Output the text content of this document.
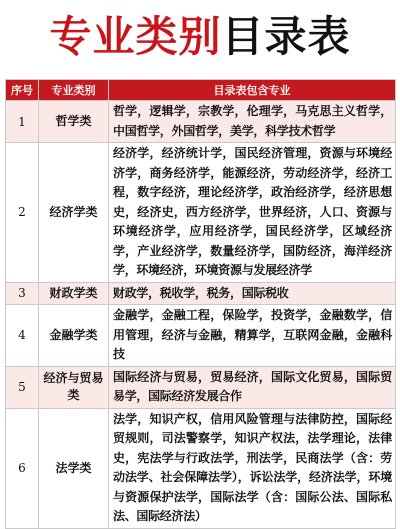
专业类别目录表
序号	专业类别	目录表包含专业
1	哲学类	哲学，逻辑学，宗教学，伦理学，马克思主义哲学，中国哲学，外国哲学，美学，科学技术哲学
2	经济学类	经济学，经济统计学，国民经济管理，资源与环境经济学，商务经济学，能源经济，劳动经济学，经济工程，数字经济，理论经济学，政治经济学，经济思想史，经济史，西方经济学，世界经济，人口、资源与环境经济学，应用经济学，国民经济学，区域经济学，产业经济学，数量经济学，国防经济，海洋经济学，环境经济，环境资源与发展经济学
3	财政学类	财政学，税收学，税务，国际税收
4	金融学类	金融学，金融工程，保险学，投资学，金融数学，信用管理，经济与金融，精算学，互联网金融，金融科技
5	经济与贸易类	国际经济与贸易，贸易经济，国际文化贸易，国际贸易学，国际经济发展合作
6	法学类	法学，知识产权，信用风险管理与法律防控，国际经贸规则，司法警察学，知识产权法，法学理论，法律史，宪法学与行政法学，刑法学，民商法学（含：劳动法学、社会保障法学），诉讼法学，经济法学，环境与资源保护法学，国际法学（含：国际公法、国际私法、国际经济法）
